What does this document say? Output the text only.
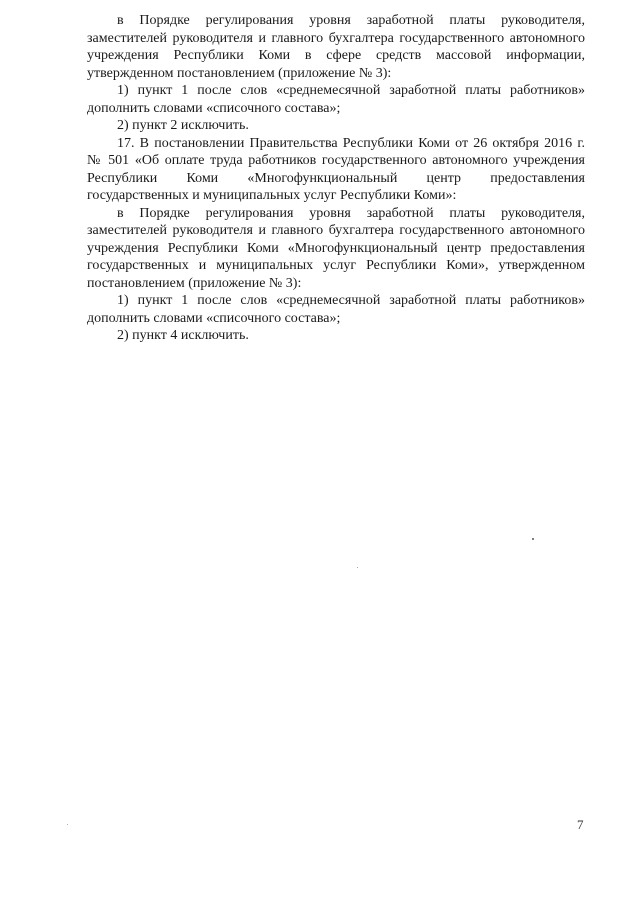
в Порядке регулирования уровня заработной платы руководителя, заместителей руководителя и главного бухгалтера государственного автономного учреждения Республики Коми в сфере средств массовой информации, утвержденном постановлением (приложение № 3):

1) пункт 1 после слов «среднемесячной заработной платы работников» дополнить словами «списочного состава»;

2) пункт 2 исключить.

17. В постановлении Правительства Республики Коми от 26 октября 2016 г. № 501 «Об оплате труда работников государственного автономного учреждения Республики Коми «Многофункциональный центр предоставления государственных и муниципальных услуг Республики Коми»:

в Порядке регулирования уровня заработной платы руководителя, заместителей руководителя и главного бухгалтера государственного автономного учреждения Республики Коми «Многофункциональный центр предоставления государственных и муниципальных услуг Республики Коми», утвержденном постановлением (приложение № 3):

1) пункт 1 после слов «среднемесячной заработной платы работников» дополнить словами «списочного состава»;

2) пункт 4 исключить.

7
